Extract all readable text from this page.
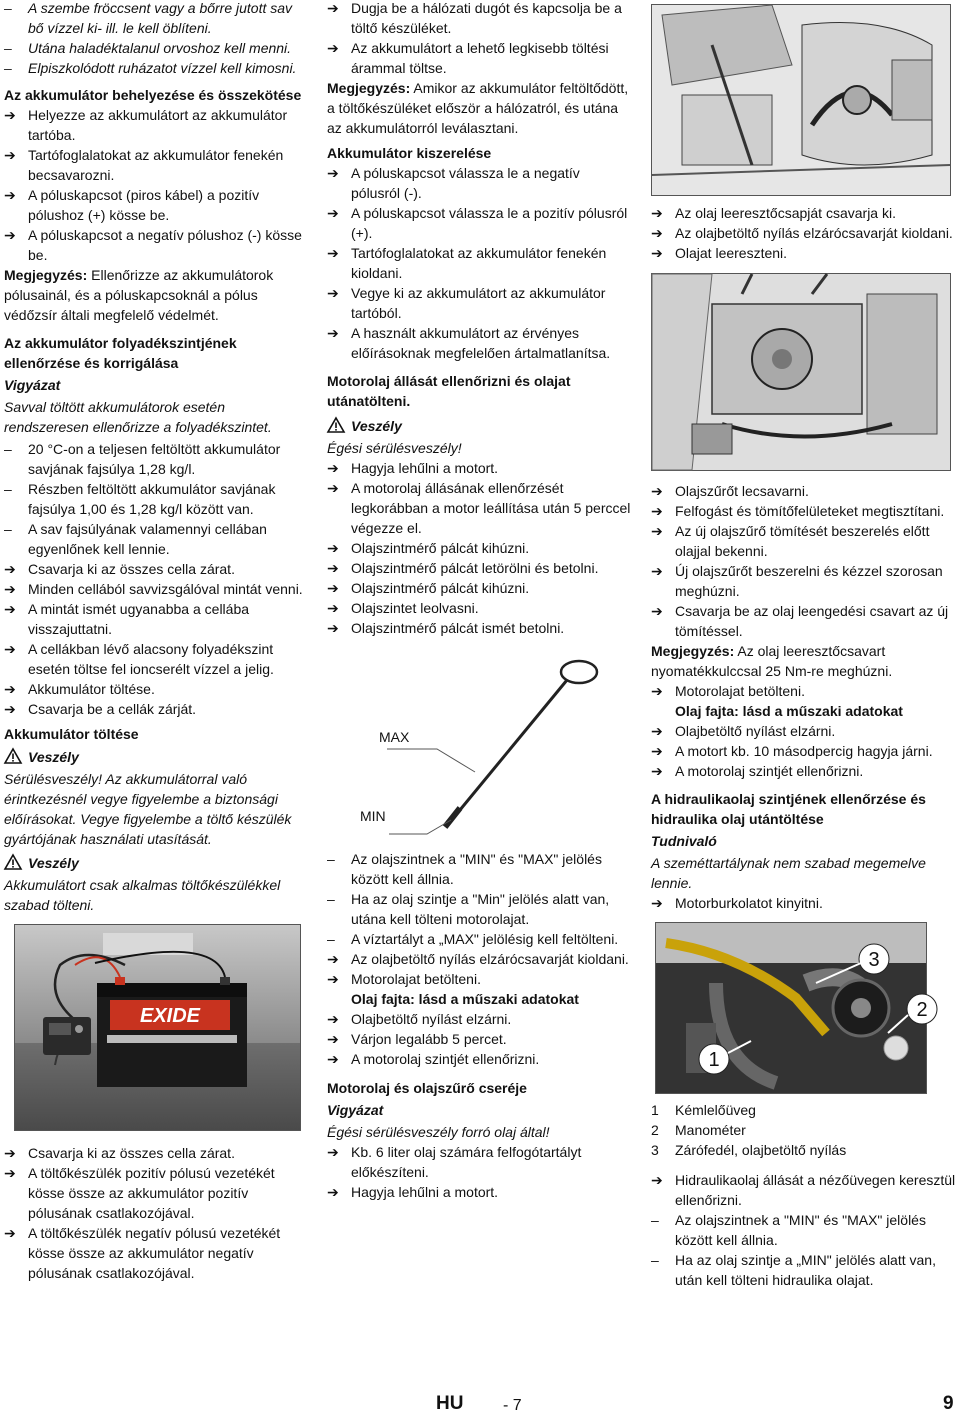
–	A szembe fröccsent vagy a bőrre jutott sav bő vízzel ki- ill. le kell öblíteni.
–	Utána haladéktalanul orvoshoz kell menni.
–	Elpiszkolódott ruházatot vízzel kell kimosni.
Az akkumulátor behelyezése és összekötése
➔ Helyezze az akkumulátort az akkumulátor tartóba.
➔ Tartófoglalatokat az akkumulátor fenekén becsavarozni.
➔ A póluskapcsot (piros kábel) a pozitív pólushoz (+) kösse be.
➔ A póluskapcsot a negatív pólushoz (-) kösse be.
Megjegyzés: Ellenőrizze az akkumulátorok pólusainál, és a póluskapcsoknál a pólus védőzsír általi megfelelő védelmét.
Az akkumulátor folyadékszintjének ellenőrzése és korrigálása
Vigyázat
Savval töltött akkumulátorok esetén rendszeresen ellenőrizze a folyadékszintet.
–	20 °C-on a teljesen feltöltött akkumulátor savjának fajsúlya 1,28 kg/l.
–	Részben feltöltött akkumulátor savjának fajsúlya 1,00 és 1,28 kg/l között van.
–	A sav fajsúlyának valamennyi cellában egyenlőnek kell lennie.
➔ Csavarja ki az összes cella zárat.
➔ Minden cellából savvizsgálóval mintát venni.
➔ A mintát ismét ugyanabba a cellába visszajuttatni.
➔ A cellákban lévő alacsony folyadékszint esetén töltse fel ioncserélt vízzel a jelig.
➔ Akkumulátor töltése.
➔ Csavarja be a cellák zárját.
Akkumulátor töltése
Veszély
Sérülésveszély! Az akkumulátorral való érintkezésnél vegye figyelembe a biztonsági előírásokat. Vegye figyelembe a töltő készülék gyártójának használati utasítását.
Veszély
Akkumulátort csak alkalmas töltőkészülékkel szabad tölteni.
EXIDE
➔ Csavarja ki az összes cella zárat.
➔ A töltőkészülék pozitív pólusú vezetékét kösse össze az akkumulátor pozitív pólusának csatlakozójával.
➔ A töltőkészülék negatív pólusú vezetékét kösse össze az akkumulátor negatív pólusának csatlakozójával.
➔ Dugja be a hálózati dugót és kapcsolja be a töltő készüléket.
➔ Az akkumulátort a lehető legkisebb töltési árammal töltse.
Megjegyzés: Amikor az akkumulátor feltöltődött, a töltőkészüléket először a hálózatról, és utána az akkumulátorról leválasztani.
Akkumulátor kiszerelése
➔ A póluskapcsot válassza le a negatív pólusról (-).
➔ A póluskapcsot válassza le a pozitív pólusról (+).
➔ Tartófoglalatokat az akkumulátor fenekén kioldani.
➔ Vegye ki az akkumulátort az akkumulátor tartóból.
➔ A használt akkumulátort az érvényes előírásoknak megfelelően ártalmatlanítsa.
Motorolaj állását ellenőrizni és olajat utánatölteni.
Veszély
Égési sérülésveszély!
➔ Hagyja lehűlni a motort.
➔ A motorolaj állásának ellenőrzését legkorábban a motor leállítása után 5 perccel végezze el.
➔ Olajszintmérő pálcát kihúzni.
➔ Olajszintmérő pálcát letörölni és betolni.
➔ Olajszintmérő pálcát kihúzni.
➔ Olajszintet leolvasni.
➔ Olajszintmérő pálcát ismét betolni.
MAX
MIN
–	Az olajszintnek a "MIN" és "MAX" jelölés között kell állnia.
–	Ha az olaj szintje a "Min" jelölés alatt van, utána kell tölteni motorolajat.
–	A víztartályt a „MAX" jelölésig kell feltölteni.
➔ Az olajbetöltő nyílás elzárócsavarját kioldani.
➔ Motorolajat betölteni.
Olaj fajta: lásd a műszaki adatokat
➔ Olajbetöltő nyílást elzárni.
➔ Várjon legalább 5 percet.
➔ A motorolaj szintjét ellenőrizni.
Motorolaj és olajszűrő cseréje
Vigyázat
Égési sérülésveszély forró olaj által!
➔ Kb. 6 liter olaj számára felfogótartályt előkészíteni.
➔ Hagyja lehűlni a motort.
➔ Az olaj leeresztőcsapját csavarja ki.
➔ Az olajbetöltő nyílás elzárócsavarját kioldani.
➔ Olajat leereszteni.
➔ Olajszűrőt lecsavarni.
➔ Felfogást és tömítőfelületeket megtisztítani.
➔ Az új olajszűrő tömítését beszerelés előtt olajjal bekenni.
➔ Új olajszűrőt beszerelni és kézzel szorosan meghúzni.
➔ Csavarja be az olaj leengedési csavart az új tömítéssel.
Megjegyzés: Az olaj leeresztőcsavart nyomatékkulccsal 25 Nm-re meghúzni.
➔ Motorolajat betölteni.
Olaj fajta: lásd a műszaki adatokat
➔ Olajbetöltő nyílást elzárni.
➔ A motort kb. 10 másodpercig hagyja járni.
➔ A motorolaj szintjét ellenőrizni.
A hidraulikaolaj szintjének ellenőrzése és hidraulika olaj utántöltése
Tudnivaló
A szeméttartálynak nem szabad megemelve lennie.
➔ Motorburkolatot kinyitni.
3
2
1
1 Kémlelőüveg
2 Manométer
3 Zárófedél, olajbetöltő nyílás
➔ Hidraulikaolaj állását a nézőüvegen keresztül ellenőrizni.
–	Az olajszintnek a "MIN" és "MAX" jelölés között kell állnia.
–	Ha az olaj szintje a „MIN" jelölés alatt van, után kell tölteni hidraulika olajat.
HU - 7	9
